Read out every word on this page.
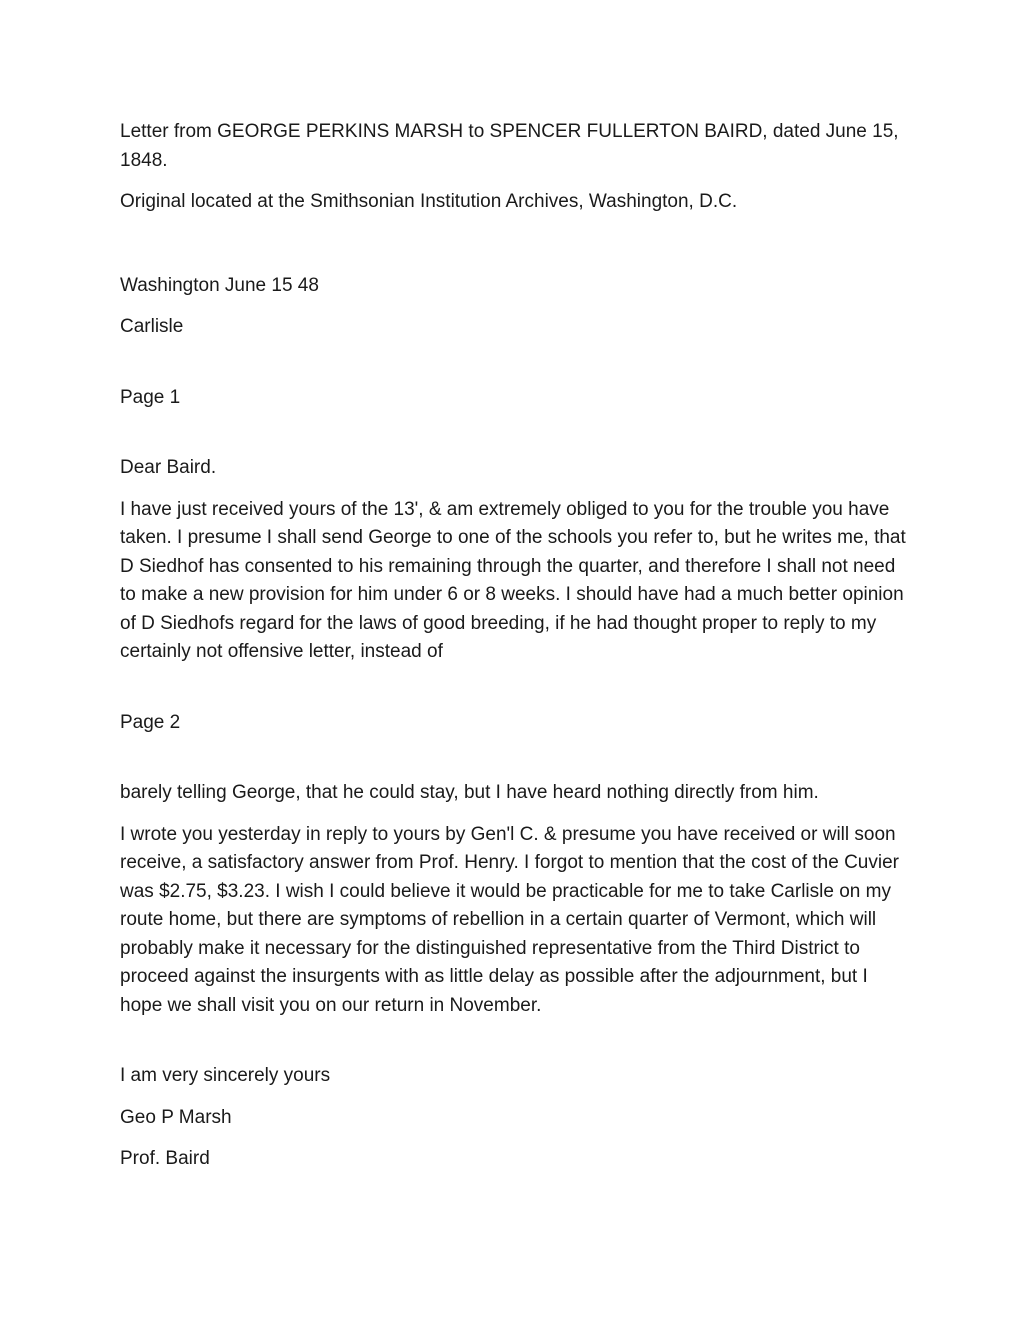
Letter from GEORGE PERKINS MARSH to SPENCER FULLERTON BAIRD, dated June 15, 1848.

Original located at the Smithsonian Institution Archives, Washington, D.C.

Washington June 15 48

Carlisle

Page 1

Dear Baird.

I have just received yours of the 13', & am extremely obliged to you for the trouble you have taken. I presume I shall send George to one of the schools you refer to, but he writes me, that D Siedhof has consented to his remaining through the quarter, and therefore I shall not need to make a new provision for him under 6 or 8 weeks. I should have had a much better opinion of D Siedhofs regard for the laws of good breeding, if he had thought proper to reply to my certainly not offensive letter, instead of

Page 2

barely telling George, that he could stay, but I have heard nothing directly from him.

I wrote you yesterday in reply to yours by Gen'l C. & presume you have received or will soon receive, a satisfactory answer from Prof. Henry. I forgot to mention that the cost of the Cuvier was $2.75, $3.23. I wish I could believe it would be practicable for me to take Carlisle on my route home, but there are symptoms of rebellion in a certain quarter of Vermont, which will probably make it necessary for the distinguished representative from the Third District to proceed against the insurgents with as little delay as possible after the adjournment, but I hope we shall visit you on our return in November.

I am very sincerely yours

Geo P Marsh

Prof. Baird
